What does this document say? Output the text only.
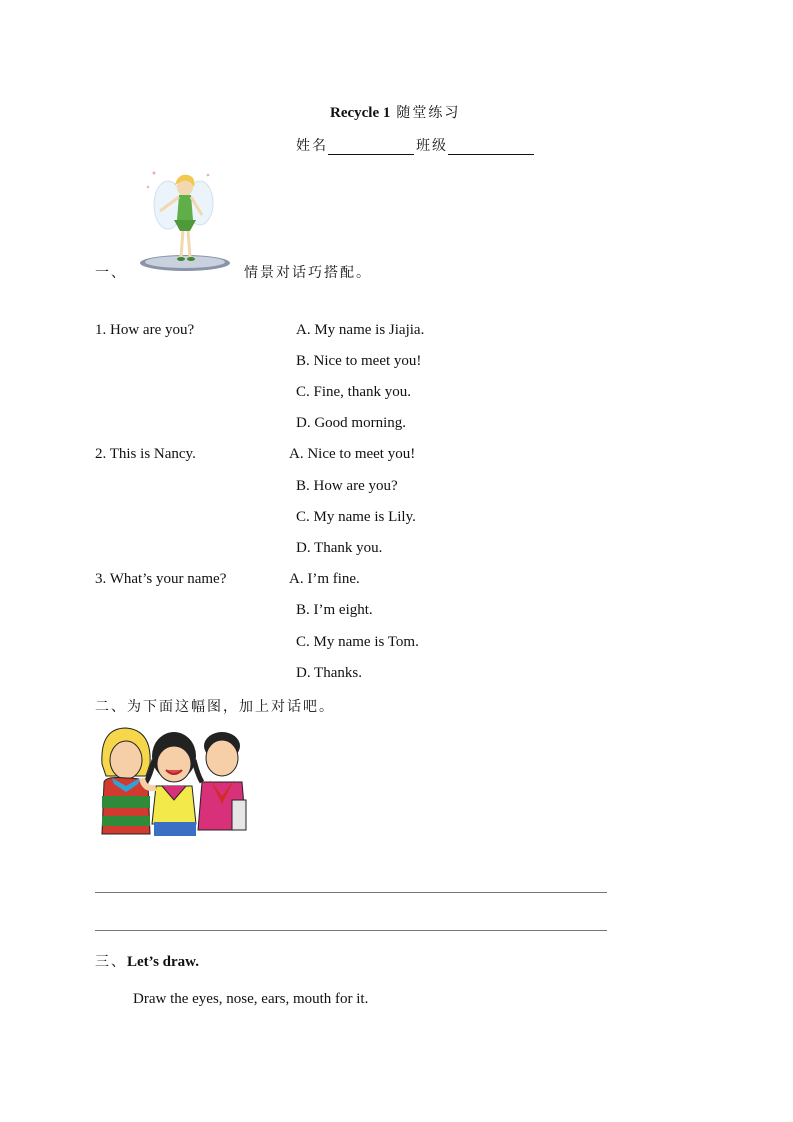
Recycle 1 随堂练习
姓名	班级
一、	情景对话巧搭配。
1. How are you?	A. My name is Jiajia.
B. Nice to meet you!
C. Fine, thank you.
D. Good morning.
2. This is Nancy.	A. Nice to meet you!
B. How are you?
C. My name is Lily.
D. Thank you.
3. What’s your name?	A. I’m fine.
B. I’m eight.
C. My name is Tom.
D. Thanks.
二、为下面这幅图，加上对话吧。
三、Let’s draw.
Draw the eyes, nose, ears, mouth for it.
